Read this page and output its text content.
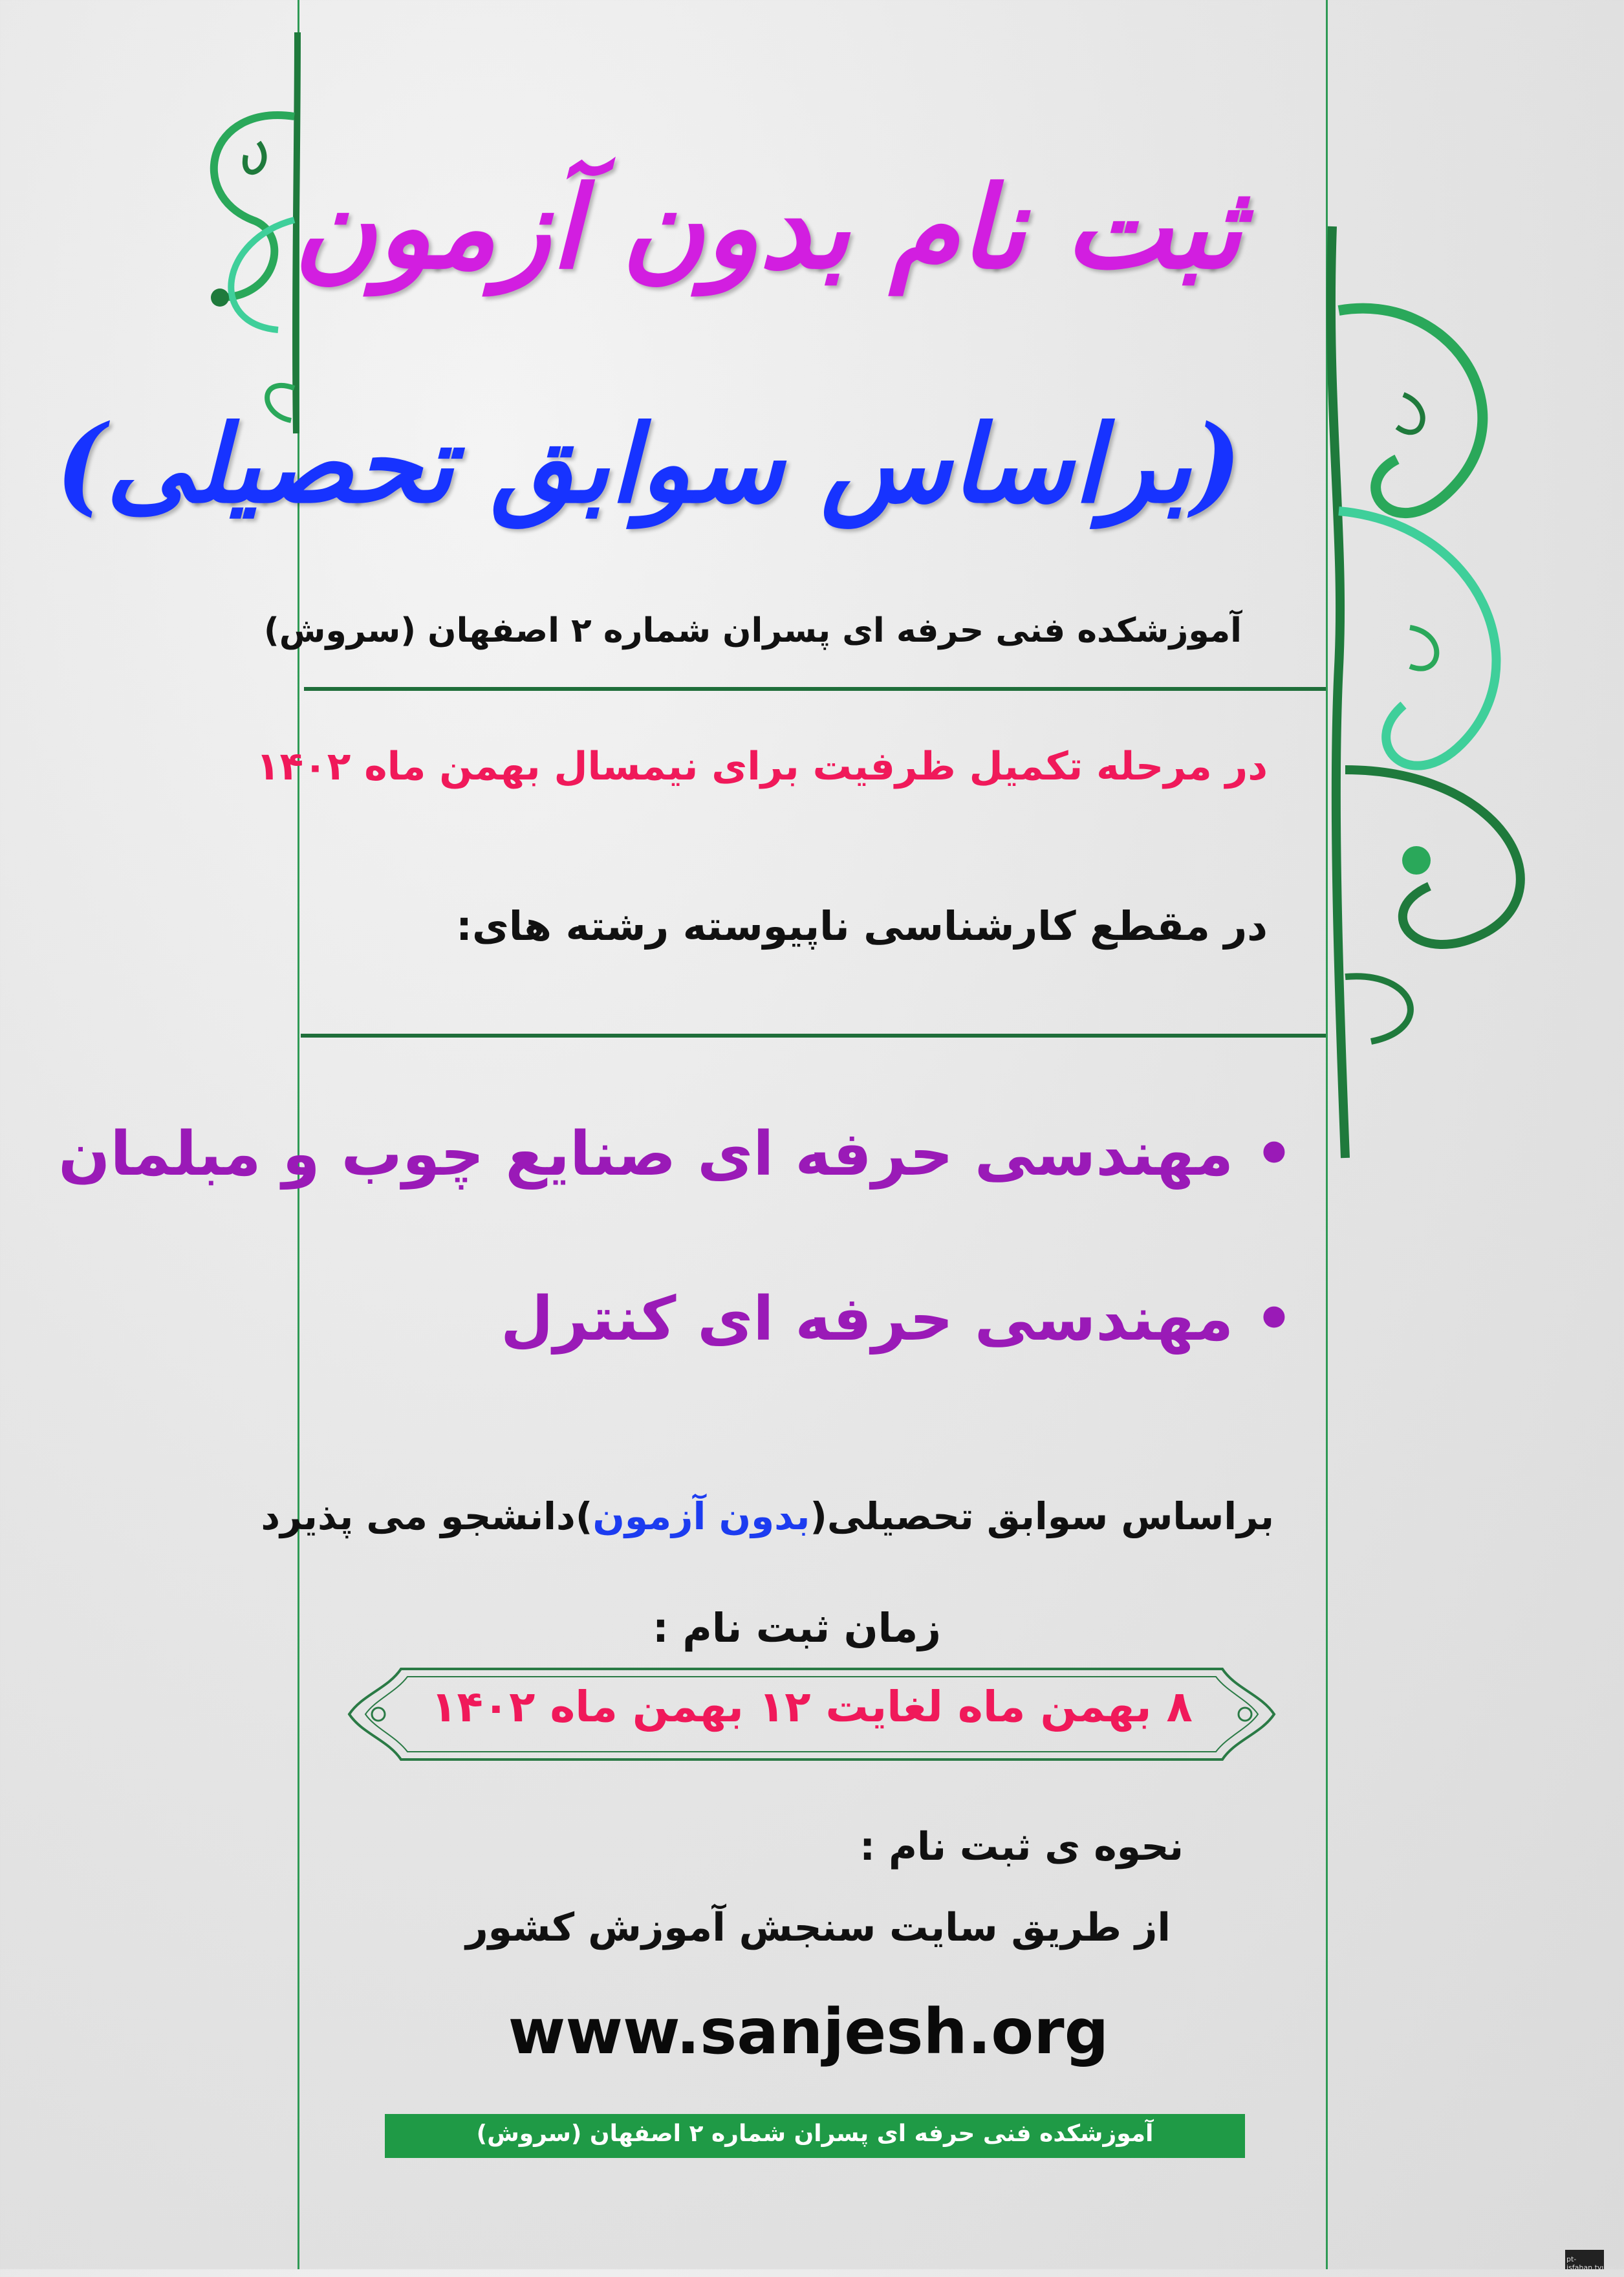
ثبت نام بدون آزمون
(براساس سوابق تحصیلی)
آموزشکده فنی حرفه ای پسران شماره ۲ اصفهان (سروش)
در مرحله تکمیل ظرفیت برای نیمسال بهمن ماه ۱۴۰۲
در مقطع کارشناسی ناپیوسته رشته های:
• مهندسی حرفه ای صنایع چوب و مبلمان
• مهندسی حرفه ای کنترل
براساس سوابق تحصیلی(بدون آزمون)دانشجو می پذیرد
زمان ثبت نام :
۸ بهمن ماه لغایت ۱۲ بهمن ماه ۱۴۰۲
نحوه ی ثبت نام :
از طریق سایت سنجش آموزش کشور
www.sanjesh.org
آموزشکده فنی حرفه ای پسران شماره ۲ اصفهان (سروش)
pt-isfahan.tvu.ac.ir
